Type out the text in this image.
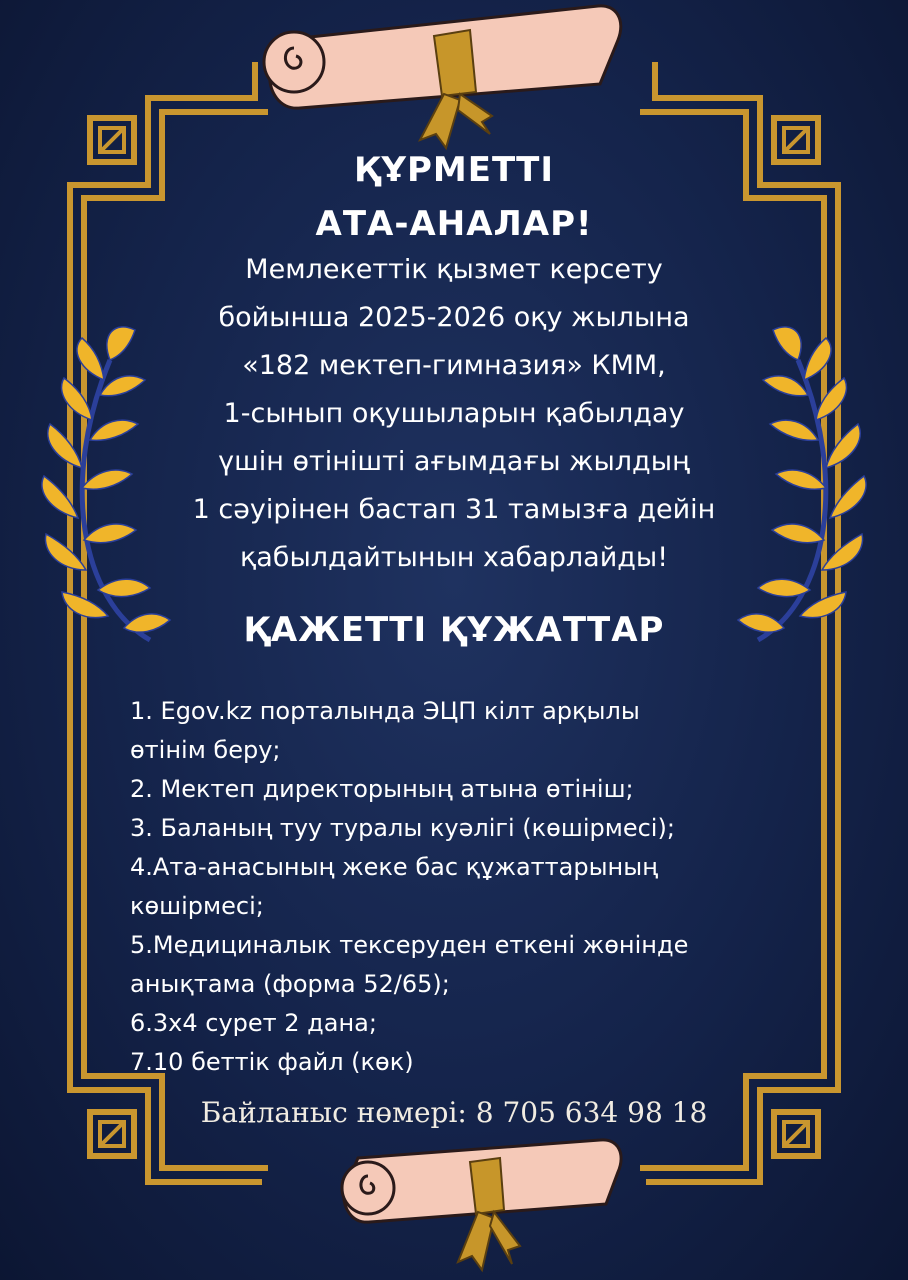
ҚҰРМЕТТІ
АТА-АНАЛАР!
Мемлекеттік қызмет керсету
бойынша 2025-2026 оқу жылына
«182 мектеп-гимназия» КММ,
1-сынып оқушыларын қабылдау
үшін өтінішті ағымдағы жылдың
1 сәуірінен бастап 31 тамызға дейін
қабылдайтынын хабарлайды!
ҚАЖЕТТІ ҚҰЖАТТАР
1. Egov.kz порталында ЭЦП кілт арқылы
өтінім беру;
2. Мектеп директорының атына өтініш;
3. Баланың туу туралы куәлігі (көшірмесі);
4.Ата-анасының жеке бас құжаттарының
көшірмесі;
5.Медициналык тексеруден еткені жөнінде
анықтама (форма 52/65);
6.3х4 сурет 2 дана;
7.10 беттік файл (көк)

Байланыс нөмері: 8 705 634 98 18
